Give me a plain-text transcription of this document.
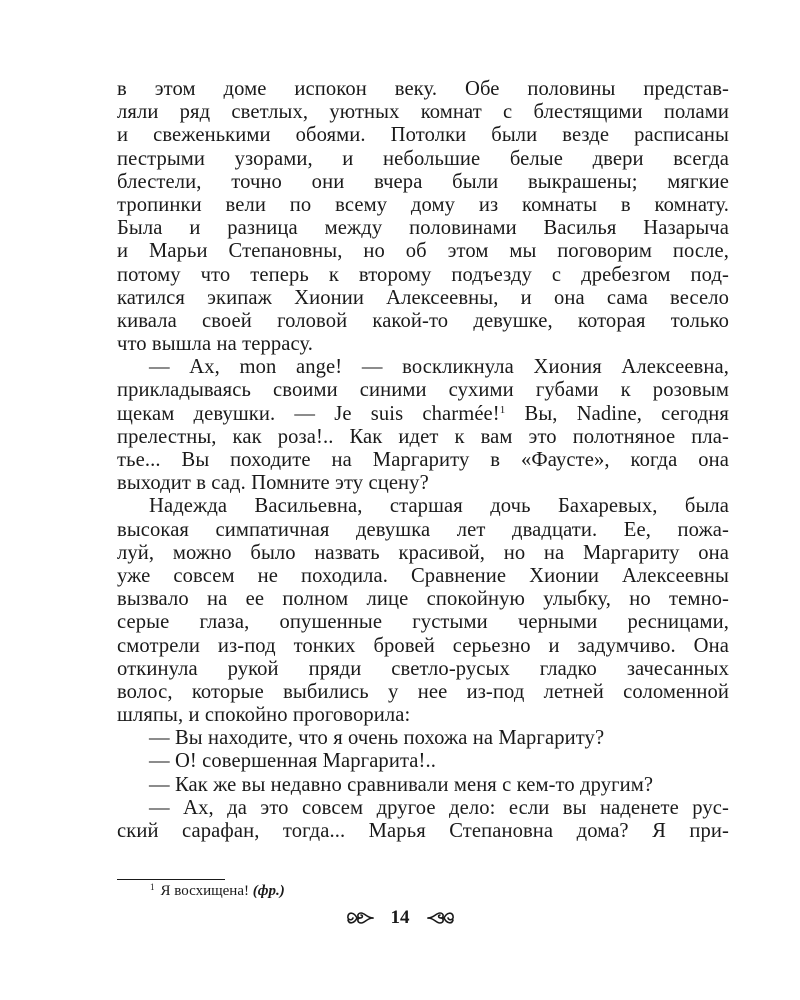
в этом доме испокон веку. Обе половины представ-
ляли ряд светлых, уютных комнат с блестящими полами
и свеженькими обоями. Потолки были везде расписаны
пестрыми узорами, и небольшие белые двери всегда
блестели, точно они вчера были выкрашены; мягкие
тропинки вели по всему дому из комнаты в комнату.
Была и разница между половинами Василья Назарыча
и Марьи Степановны, но об этом мы поговорим после,
потому что теперь к второму подъезду с дребезгом под-
катился экипаж Хионии Алексеевны, и она сама весело
кивала своей головой какой-то девушке, которая только
что вышла на террасу.
— Ах, mon ange! — воскликнула Хиония Алексеевна,
прикладываясь своими синими сухими губами к розовым
щекам девушки. — Je suis charmée!$^1$ Вы, Nadine, сегодня
прелестны, как роза!.. Как идет к вам это полотняное пла-
тье... Вы походите на Маргариту в «Фаусте», когда она
выходит в сад. Помните эту сцену?
Надежда Васильевна, старшая дочь Бахаревых, была
высокая симпатичная девушка лет двадцати. Ее, пожа-
луй, можно было назвать красивой, но на Маргариту она
уже совсем не походила. Сравнение Хионии Алексеевны
вызвало на ее полном лице спокойную улыбку, но темно-
серые глаза, опушенные густыми черными ресницами,
смотрели из-под тонких бровей серьезно и задумчиво. Она
откинула рукой пряди светло-русых гладко зачесанных
волос, которые выбились у нее из-под летней соломенной
шляпы, и спокойно проговорила:
— Вы находите, что я очень похожа на Маргариту?
— О! совершенная Маргарита!..
— Как же вы недавно сравнивали меня с кем-то другим?
— Ах, да это совсем другое дело: если вы наденете рус-
ский сарафан, тогда... Марья Степановна дома? Я при-
$^1$ Я восхищена! (фр.)
14
